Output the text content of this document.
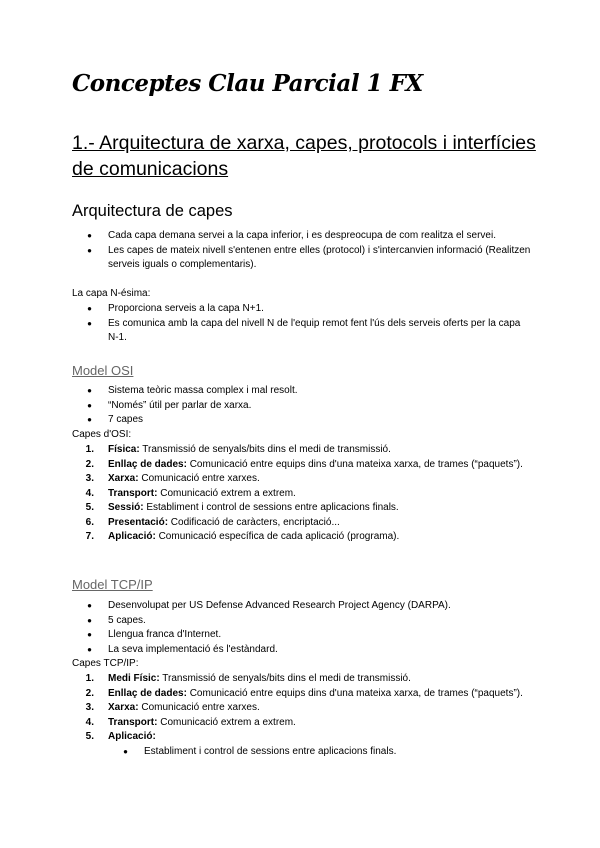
Conceptes Clau Parcial 1 FX
1.- Arquitectura de xarxa, capes, protocols i interfícies de comunicacions
Arquitectura de capes
● Cada capa demana servei a la capa inferior, i es despreocupa de com realitza el servei.
● Les capes de mateix nivell s'entenen entre elles (protocol) i s'intercanvien informació (Realitzen serveis iguals o complementaris).

La capa N-ésima:

● Proporciona serveis a la capa N+1.
● Es comunica amb la capa del nivell N de l'equip remot fent l'ús dels serveis oferts per la capa N-1.
Model OSI
● Sistema teòric massa complex i mal resolt.
● “Només” útil per parlar de xarxa.
● 7 capes

Capes d'OSI:

1. Física: Transmissió de senyals/bits dins el medi de transmissió.
2. Enllaç de dades: Comunicació entre equips dins d'una mateixa xarxa, de trames (“paquets”).
3. Xarxa: Comunicació entre xarxes.
4. Transport: Comunicació extrem a extrem.
5. Sessió: Establiment i control de sessions entre aplicacions finals.
6. Presentació: Codificació de caràcters, encriptació...
7. Aplicació: Comunicació específica de cada aplicació (programa).
Model TCP/IP
● Desenvolupat per US Defense Advanced Research Project Agency (DARPA).
● 5 capes.
● Llengua franca d'Internet.
● La seva implementació és l'estàndard.

Capes TCP/IP:

1. Medi Físic: Transmissió de senyals/bits dins el medi de transmissió.
2. Enllaç de dades: Comunicació entre equips dins d'una mateixa xarxa, de trames (“paquets”).
3. Xarxa: Comunicació entre xarxes.
4. Transport: Comunicació extrem a extrem.
5. Aplicació:
● Establiment i control de sessions entre aplicacions finals.
